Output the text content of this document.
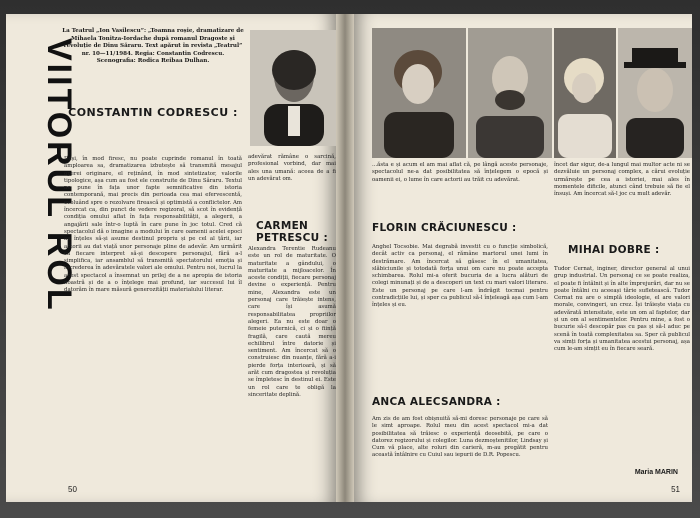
VIITORUL ROL
La Teatrul „Ion Vasilescu”: „Toamna roșie, dramatizare de Mihaela Tonitza-Iordache după romanul Dragoste și revoluție de Dinu Săraru. Text apărut în revista „Teatrul” nr. 10—11/1984. Regia: Constantin Codrescu. Scenografia: Rodica Reibaa Dulhan.
CONSTANTIN CODRESCU :
Deși, în mod firesc, nu poate cuprinde romanul în toată amploarea sa, dramatizarea izbutește să transmită mesajul operei originare, el reținând, în mod sintetizator, valorile tipologice, așa cum au fost ele construite de Dinu Săraru. Textul ne pune în fața unor fapte semnificative din istoria contemporană, mai precis din perioada cea mai efervescentă, evoluând spre o rezolvare firească și optimistă a conflictelor. Am încercat ca, din punct de vedere regizoral, să scot în evidență condiția omului aflat în fața responsabilității, a alegerii, a angajării sale într-o luptă în care pune în joc totul. Cred că spectacolul dă o imagine a modului în care oamenii acelei epoci au înțeles să-și asume destinul propriu și pe cel al țării, iar actorii au dat viață unor personaje pline de adevăr. Am urmărit ca fiecare interpret să-și descopere personajul, fără a-l simplifica, iar ansamblul să transmită spectatorului emoția și încrederea în adevăratele valori ale omului. Pentru noi, lucrul la acest spectacol a însemnat un prilej de a ne apropia de istoria noastră și de a o înțelege mai profund, iar succesul lui îl datorăm în mare măsură generozității materialului literar.
adevărat rămâne o sarcină, profesional vorbind, dar mai ales una umană: aceea de a fi un adevărat om.
CARMEN PETRESCU :
Alexandra Terentie Rudeanu este un rol de maturitate. O maturitate a gândului, o maturitate a mijloacelor. În aceste condiții, fiecare personaj devine o experiență. Pentru mine, Alexandra este un personaj care trăiește intens, care își asumă responsabilitatea propriilor alegeri. Ea nu este doar o femeie puternică, ci și o ființă fragilă, care caută mereu echilibrul între datorie și sentiment. Am încercat să o construiesc din nuanțe, fără a-i pierde forța interioară, și să arăt cum dragostea și revoluția se împletesc în destinul ei. Este un rol care te obligă la sinceritate deplină.
50
...ăsta e și acum el am mai aflat că, pe lângă aceste personaje, spectacolul ne-a dat posibilitatea să înțelegem o epocă și oamenii ei, o lume în care actorii au trăit cu adevărat.
încet dar sigur, de-a lungul mai multor acte ni se dezvăluie un personaj complex, a cărui evoluție urmărește pe cea a istoriei, mai ales în momentele dificile, atunci când trebuie să fie el însuși. Am încercat să-l joc cu mult adevăr.
FLORIN CRĂCIUNESCU :
Anghel Tocsobie. Mai degrabă investit cu o funcție simbolică, decât activ ca personaj, el rămâne martorul unei lumi în destrămare. Am încercat să găsesc în el umanitatea, slăbiciunile și totodată forța unui om care nu poate accepta schimbarea. Rolul mi-a oferit bucuria de a lucra alături de colegi minunați și de a descoperi un text cu mari valori literare. Este un personaj pe care l-am îndrăgit tocmai pentru contradicțiile lui, și sper ca publicul să-l înțeleagă așa cum l-am înțeles și eu.
ANCA ALECSANDRA :
Am zis de am fost obișnuită să-mi doresc personaje pe care să le simt aproape. Rolul meu din acest spectacol mi-a dat posibilitatea să trăiesc o experiență deosebită, pe care o datorez regizorului și colegilor. Luna dezmoștenitilor, Lindsay și Cum vă place, alte roluri din carieră, m-au pregătit pentru această întâlnire cu Cuiul sau iepurii de D.R. Popescu.
MIHAI DOBRE :
Tudor Cernat, inginer, director general al unui grup industrial. Un personaj ce se poate realiza, el poate fi întâlnit și în alte împrejurări, dar nu se poate întâlni cu aceeași tărie sufletească. Tudor Cernat nu are o simplă ideologie, el are valori morale, convingeri, un crez. Își trăiește viața cu adevărată intensitate, este un om al faptelor, dar și un om al sentimentelor. Pentru mine, a fost o bucurie să-l descopăr pas cu pas și să-l aduc pe scenă în toată complexitatea sa. Sper că publicul va simți forța și umanitatea acestui personaj, așa cum le-am simțit eu în fiecare seară.
Maria MARIN
51
